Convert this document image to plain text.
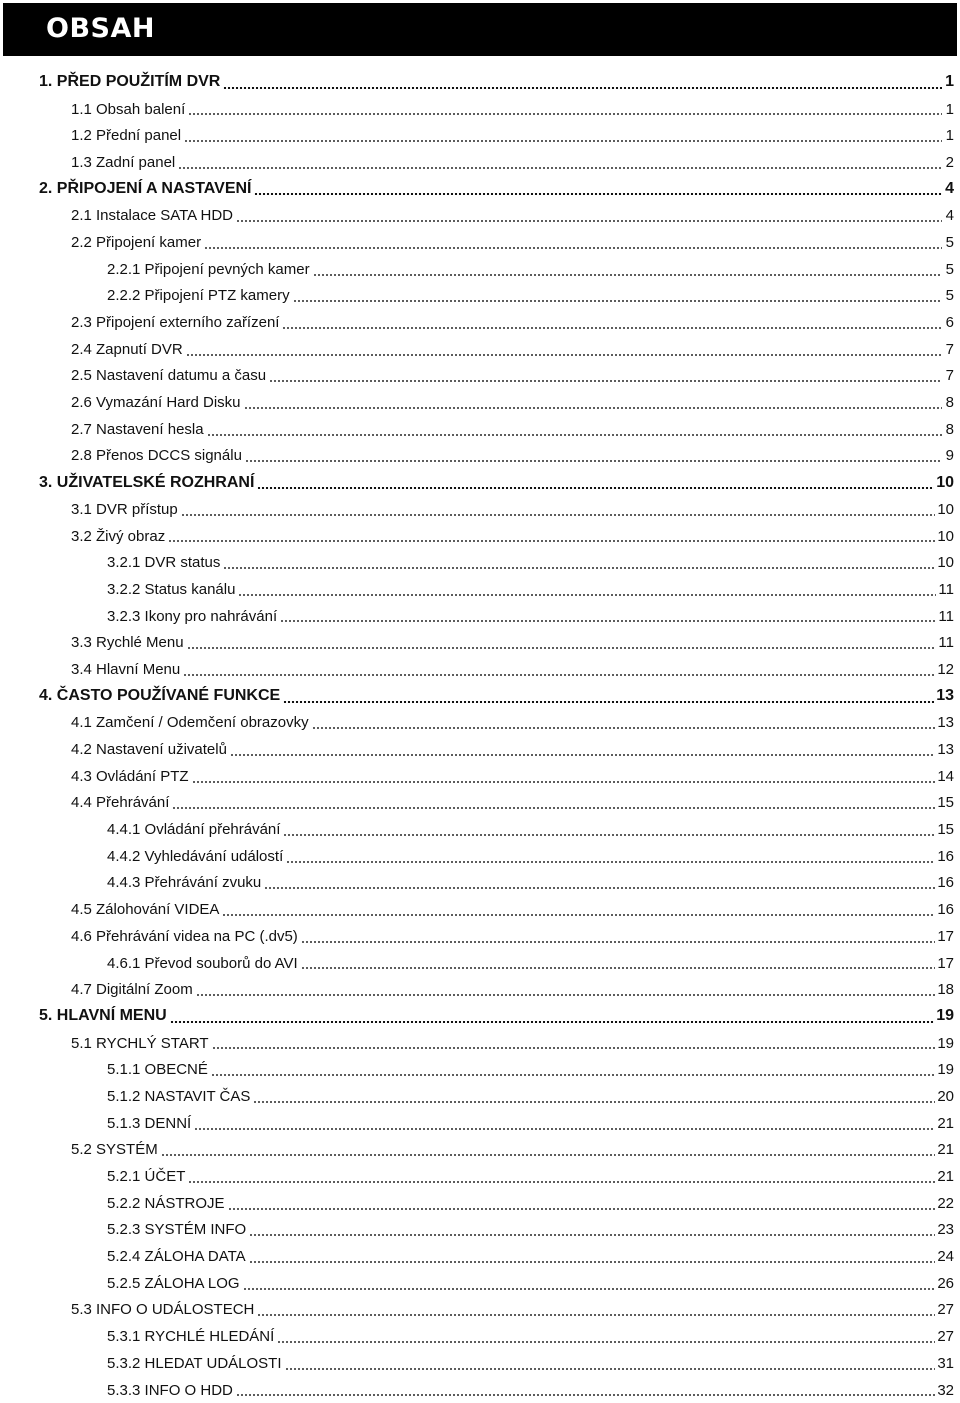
OBSAH
1. PŘED POUŽITÍM DVR	1
1.1 Obsah balení	1
1.2 Přední panel	1
1.3 Zadní panel	2
2. PŘIPOJENÍ A NASTAVENÍ	4
2.1 Instalace SATA HDD	4
2.2 Připojení kamer	5
2.2.1 Připojení pevných kamer	5
2.2.2 Připojení PTZ kamery	5
2.3 Připojení externího zařízení	6
2.4 Zapnutí DVR	7
2.5 Nastavení datumu a času	7
2.6 Vymazání Hard Disku	8
2.7 Nastavení hesla	8
2.8 Přenos DCCS signálu	9
3. UŽIVATELSKÉ ROZHRANÍ	10
3.1 DVR přístup	10
3.2 Živý obraz	10
3.2.1 DVR status	10
3.2.2 Status kanálu	11
3.2.3 Ikony pro nahrávání	11
3.3 Rychlé Menu	11
3.4 Hlavní Menu	12
4. ČASTO POUŽÍVANÉ FUNKCE	13
4.1 Zamčení / Odemčení obrazovky	13
4.2 Nastavení uživatelů	13
4.3 Ovládání PTZ	14
4.4 Přehrávání	15
4.4.1 Ovládání přehrávání	15
4.4.2 Vyhledávání událostí	16
4.4.3 Přehrávání zvuku	16
4.5 Zálohování VIDEA	16
4.6 Přehrávání videa na PC (.dv5)	17
4.6.1 Převod souborů do AVI	17
4.7 Digitální Zoom	18
5. HLAVNÍ MENU	19
5.1 RYCHLÝ START	19
5.1.1 OBECNÉ	19
5.1.2 NASTAVIT ČAS	20
5.1.3 DENNÍ	21
5.2 SYSTÉM	21
5.2.1 ÚČET	21
5.2.2 NÁSTROJE	22
5.2.3 SYSTÉM INFO	23
5.2.4 ZÁLOHA DATA	24
5.2.5 ZÁLOHA LOG	26
5.3 INFO O UDÁLOSTECH	27
5.3.1 RYCHLÉ HLEDÁNÍ	27
5.3.2 HLEDAT UDÁLOSTI	31
5.3.3 INFO O HDD	32
